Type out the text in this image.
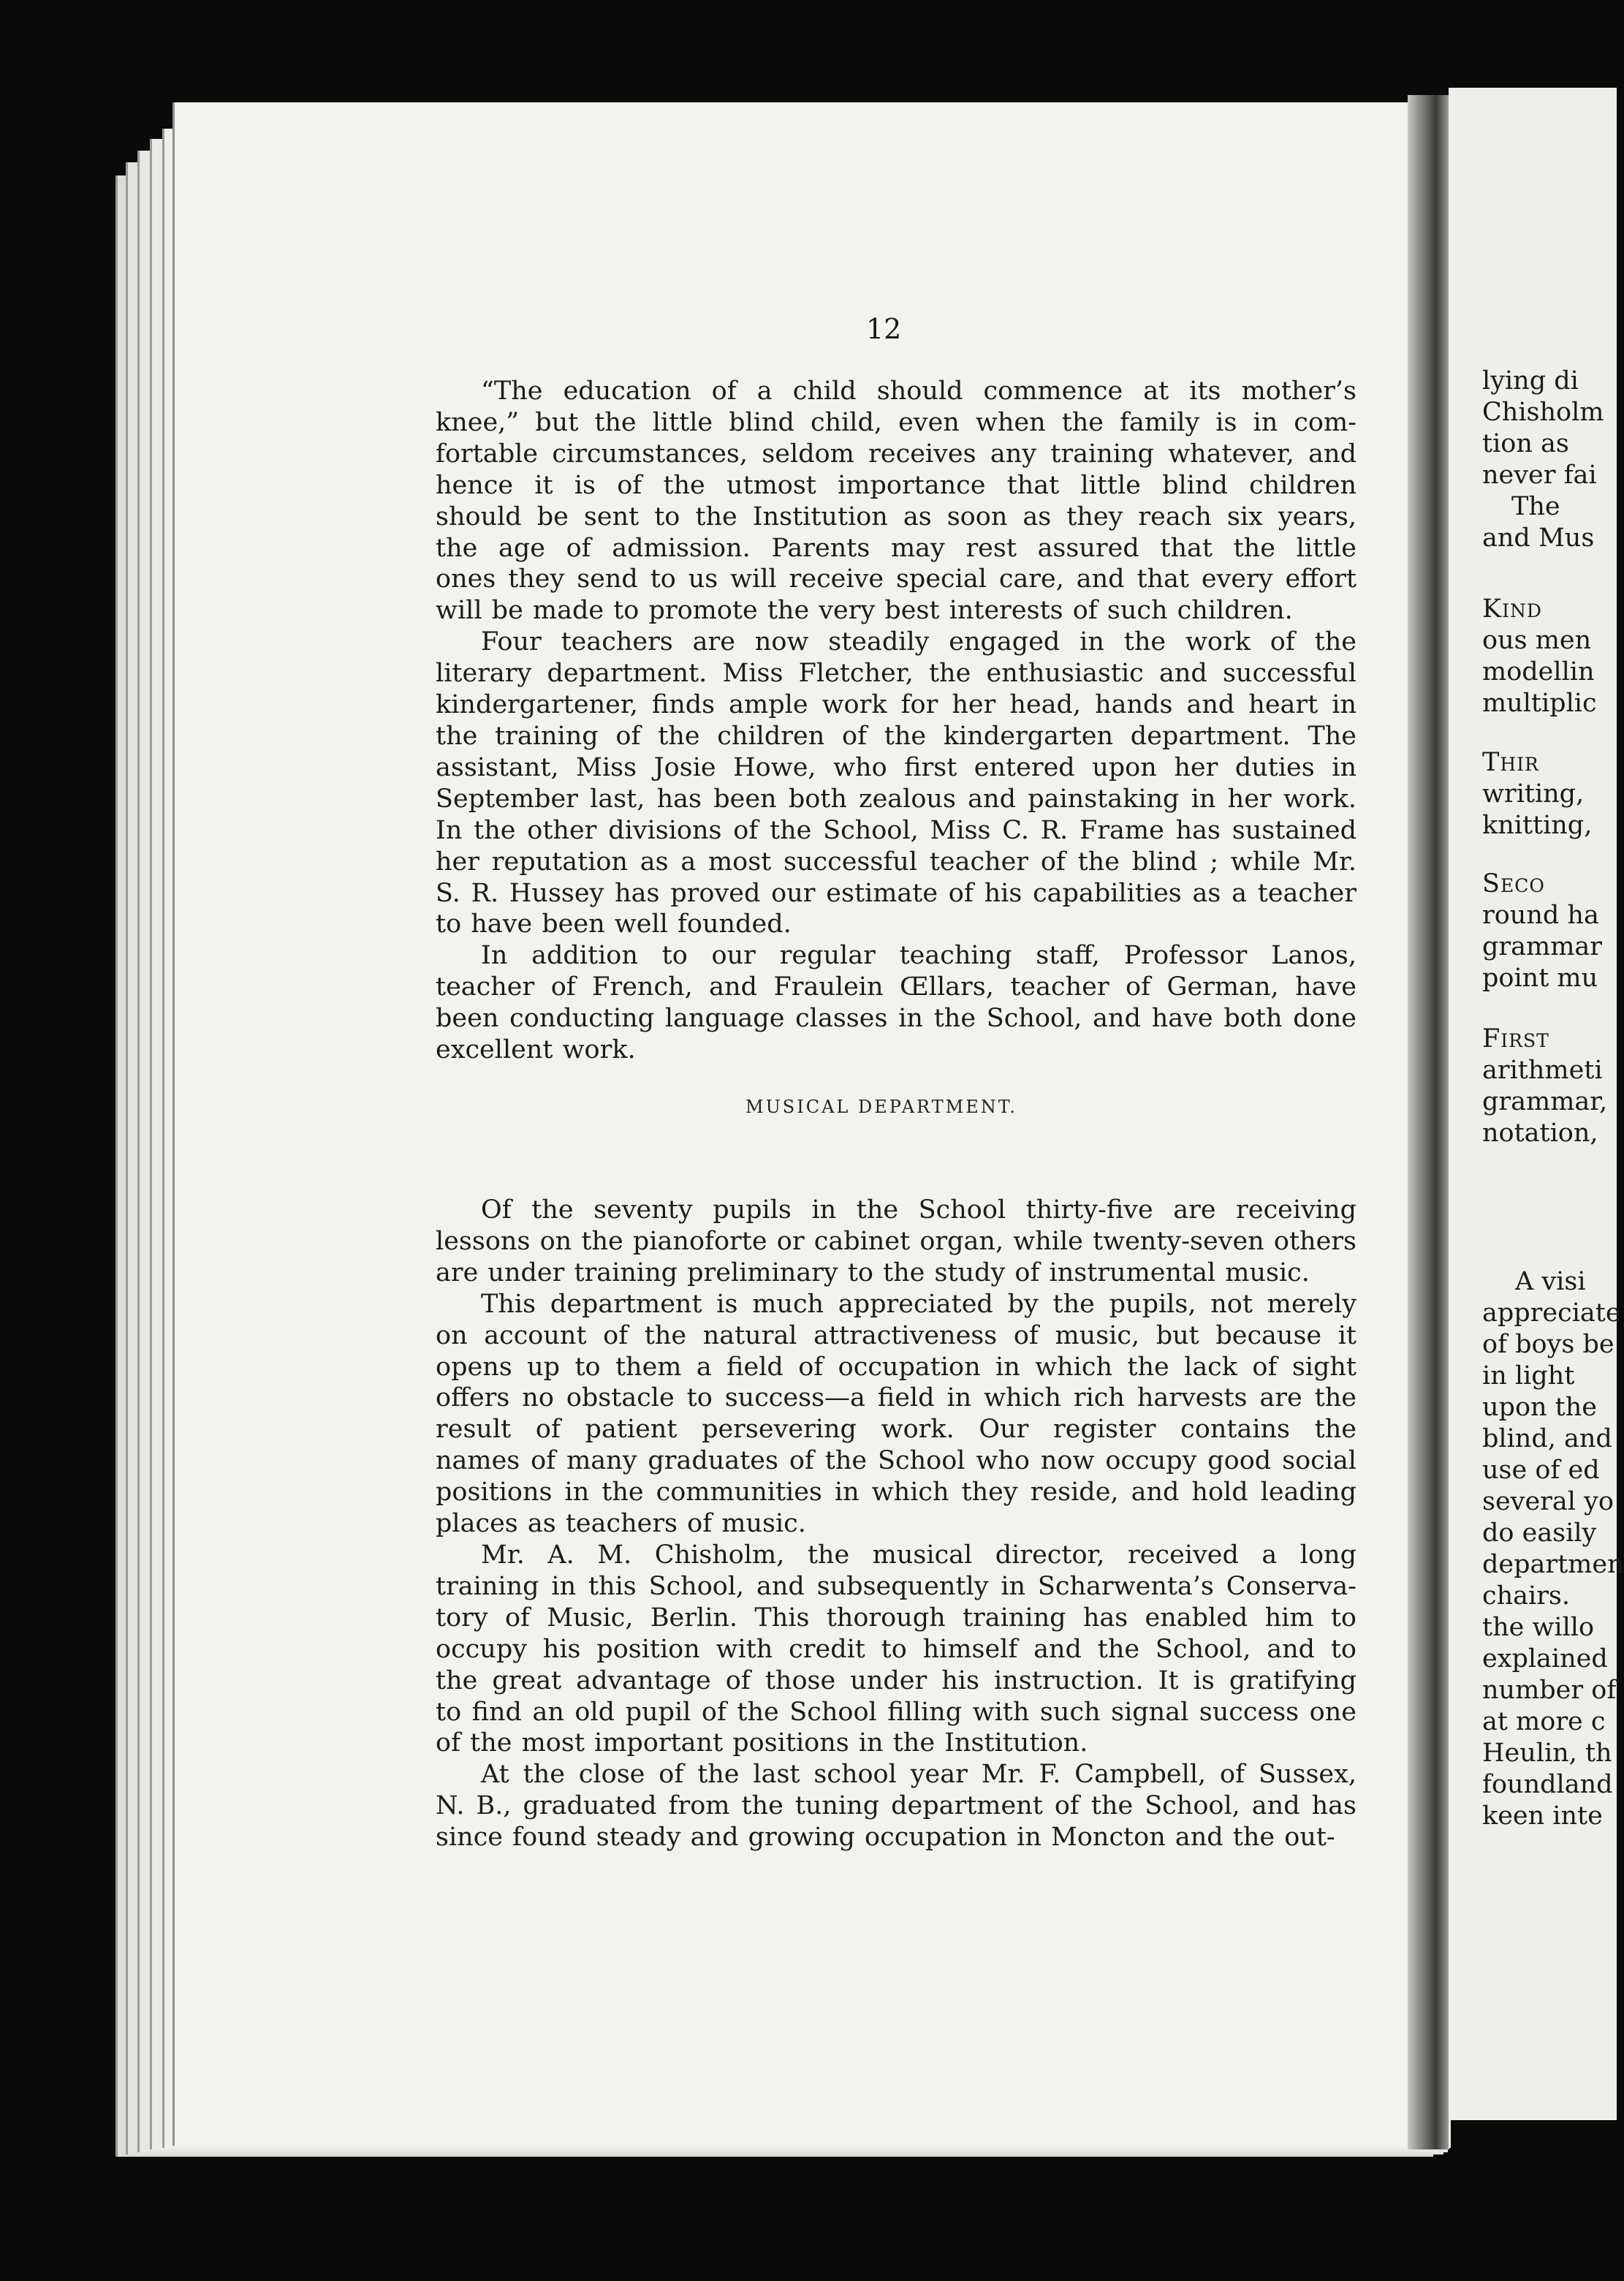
12
“The education of a child should commence at its mother’s
knee,” but the little blind child, even when the family is in com-
fortable circumstances, seldom receives any training whatever, and
hence it is of the utmost importance that little blind children
should be sent to the Institution as soon as they reach six years,
the age of admission. Parents may rest assured that the little
ones they send to us will receive special care, and that every effort
will be made to promote the very best interests of such children.
Four teachers are now steadily engaged in the work of the
literary department. Miss Fletcher, the enthusiastic and successful
kindergartener, finds ample work for her head, hands and heart in
the training of the children of the kindergarten department. The
assistant, Miss Josie Howe, who first entered upon her duties in
September last, has been both zealous and painstaking in her work.
In the other divisions of the School, Miss C. R. Frame has sustained
her reputation as a most successful teacher of the blind ; while Mr.
S. R. Hussey has proved our estimate of his capabilities as a teacher
to have been well founded.
In addition to our regular teaching staff, Professor Lanos,
teacher of French, and Fraulein Œllars, teacher of German, have
been conducting language classes in the School, and have both done
excellent work.
MUSICAL DEPARTMENT.
Of the seventy pupils in the School thirty-five are receiving
lessons on the pianoforte or cabinet organ, while twenty-seven others
are under training preliminary to the study of instrumental music.
This department is much appreciated by the pupils, not merely
on account of the natural attractiveness of music, but because it
opens up to them a field of occupation in which the lack of sight
offers no obstacle to success—a field in which rich harvests are the
result of patient persevering work. Our register contains the
names of many graduates of the School who now occupy good social
positions in the communities in which they reside, and hold leading
places as teachers of music.
Mr. A. M. Chisholm, the musical director, received a long
training in this School, and subsequently in Scharwenta’s Conserva-
tory of Music, Berlin. This thorough training has enabled him to
occupy his position with credit to himself and the School, and to
the great advantage of those under his instruction. It is gratifying
to find an old pupil of the School filling with such signal success one
of the most important positions in the Institution.
At the close of the last school year Mr. F. Campbell, of Sussex,
N. B., graduated from the tuning department of the School, and has
since found steady and growing occupation in Moncton and the out-
lying di
Chisholm
tion as
never fai
The
and Mus
Kind
ous men
modellin
multiplic
Thir
writing,
knitting,
Seco
round ha
grammar
point mu
First
arithmeti
grammar,
notation,
A visi
appreciate
of boys be
in light
upon the
blind, and
use of ed
several yo
do easily
departmen
chairs.
the willo
explained
number of
at more c
Heulin, th
foundland
keen inte
